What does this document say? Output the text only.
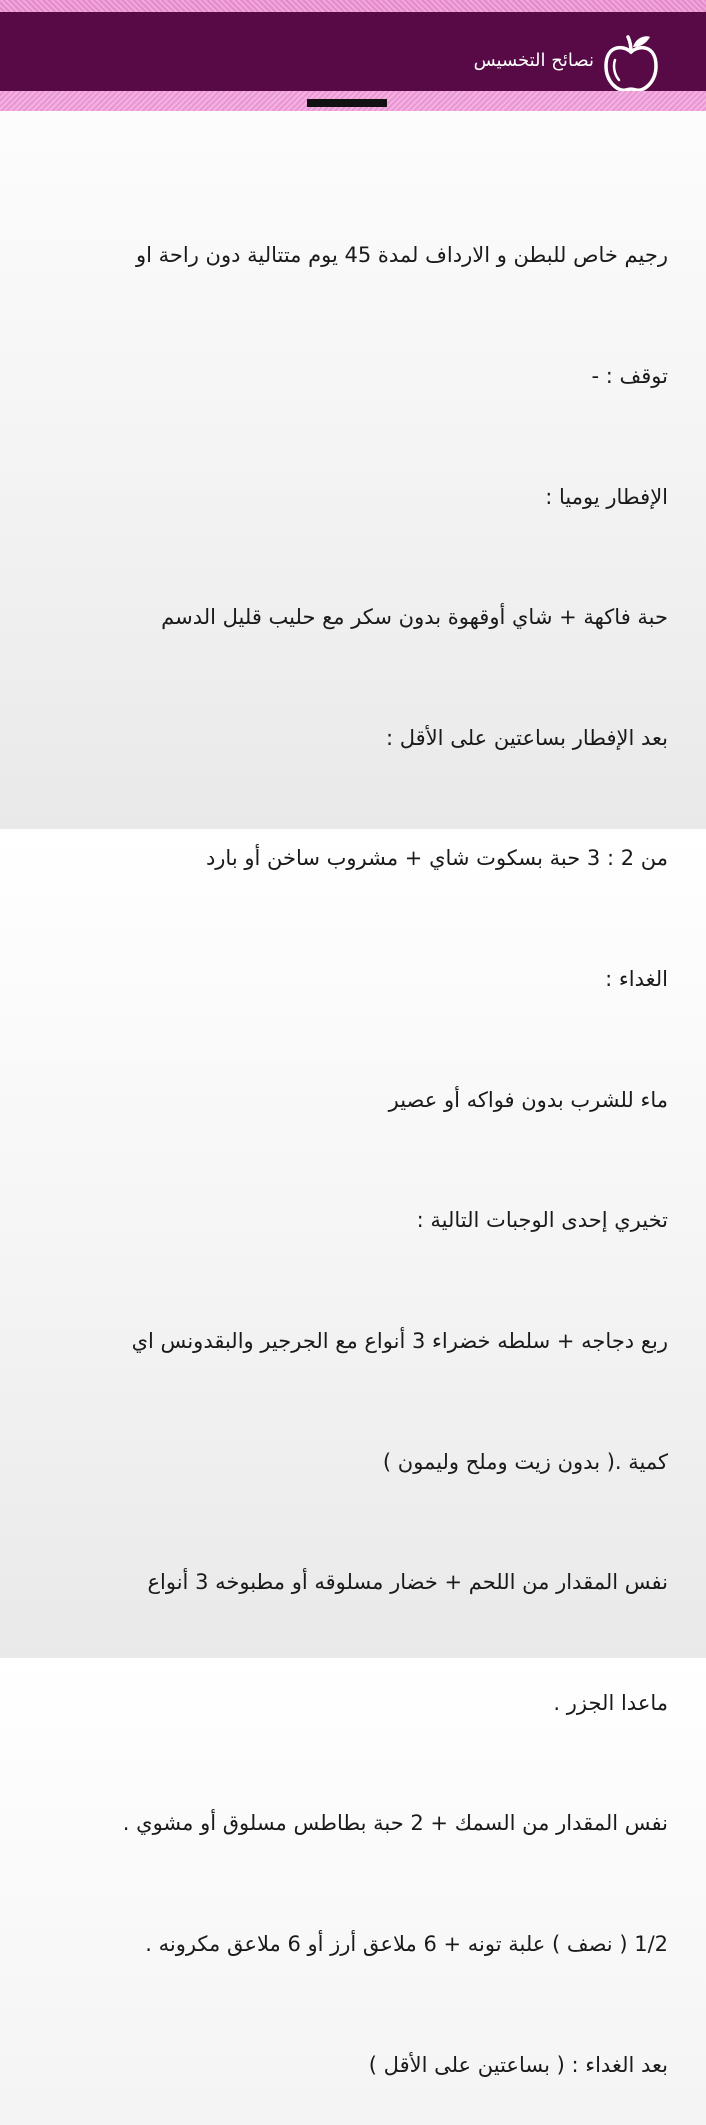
نصائح التخسيس

رجيم خاص للبطن و الارداف لمدة 45 يوم متتالية دون راحة او

توقف : -

الإفطار يوميا :

حبة فاكهة + شاي أوقهوة بدون سكر مع حليب قليل الدسم

بعد الإفطار بساعتين على الأقل :

من 2 : 3 حبة بسكوت شاي + مشروب ساخن أو بارد

الغداء :

ماء للشرب بدون فواكه أو عصير

تخيري إحدى الوجبات التالية :

ربع دجاجه + سلطه خضراء 3 أنواع مع الجرجير والبقدونس اي

كمية .( بدون زيت وملح وليمون )

نفس المقدار من اللحم + خضار مسلوقه أو مطبوخه 3 أنواع

ماعدا الجزر .

نفس المقدار من السمك + 2 حبة بطاطس مسلوق أو مشوي .

1/2 ( نصف ) علبة تونه + 6 ملاعق أرز أو 6 ملاعق مكرونه .

بعد الغداء : ( بساعتين على الأقل )
